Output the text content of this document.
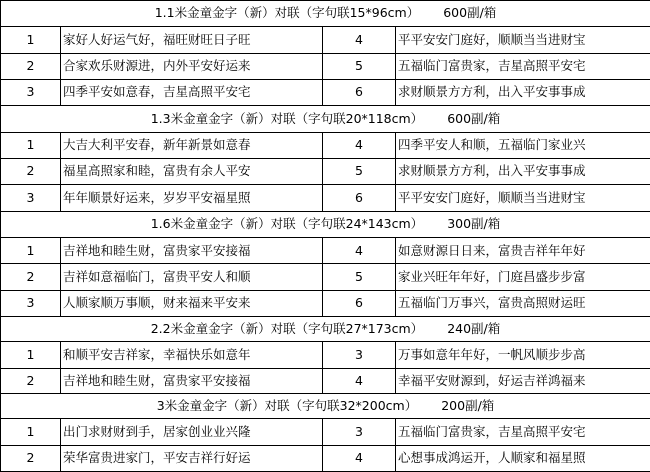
1.1米金童金字（新）对联（字句联15*96cm） 600副/箱			
1	家好人好运气好，福旺财旺日子旺	4	平平安安门庭好，顺顺当当进财宝
2	合家欢乐财源进，内外平安好运来	5	五福临门富贵家，吉星高照平安宅
3	四季平安如意春，吉星高照平安宅	6	求财顺景方方利，出入平安事事成
1.3米金童金字（新）对联（字句联20*118cm） 600副/箱			
1	大吉大利平安春，新年新景如意春	4	四季平安人和顺，五福临门家业兴
2	福星高照家和睦，富贵有余人平安	5	求财顺景方方利，出入平安事事成
3	年年顺景好运来，岁岁平安福星照	6	平平安安门庭好，顺顺当当进财宝
1.6米金童金字（新）对联（字句联24*143cm） 300副/箱			
1	吉祥地和睦生财，富贵家平安接福	4	如意财源日日来，富贵吉祥年年好
2	吉祥如意福临门，富贵平安人和顺	5	家业兴旺年年好，门庭昌盛步步富
3	人顺家顺万事顺，财来福来平安来	6	五福临门万事兴，富贵高照财运旺
2.2米金童金字（新）对联（字句联27*173cm） 240副/箱			
1	和顺平安吉祥家，幸福快乐如意年	3	万事如意年年好，一帆风顺步步高
2	吉祥地和睦生财，富贵家平安接福	4	幸福平安财源到，好运吉祥鸿福来
3米金童金字（新）对联（字句联32*200cm） 200副/箱			
1	出门求财财到手，居家创业业兴隆	3	五福临门富贵家，吉星高照平安宅
2	荣华富贵进家门，平安吉祥行好运	4	心想事成鸿运开，人顺家和福星照
